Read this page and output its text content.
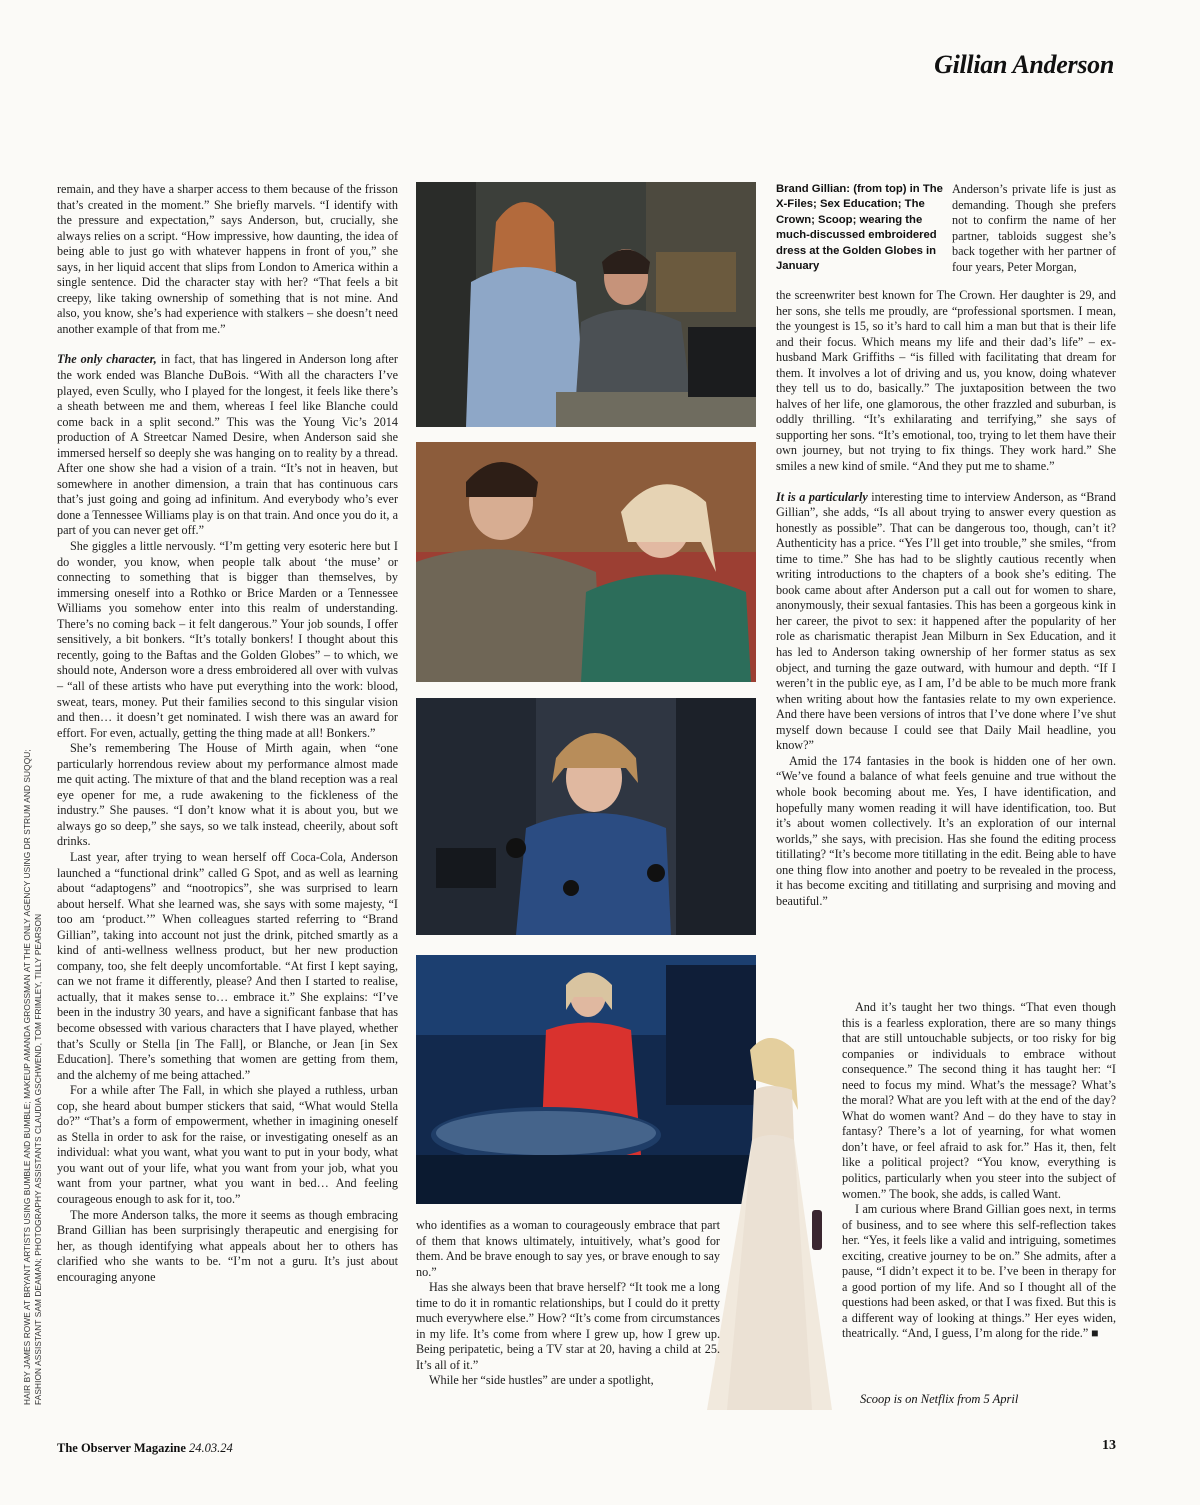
Gillian Anderson

remain, and they have a sharper access to them because of the frisson that’s created in the moment.” She briefly marvels. “I identify with the pressure and expectation,” says Anderson, but, crucially, she always relies on a script. “How impressive, how daunting, the idea of being able to just go with whatever happens in front of you,” she says, in her liquid accent that slips from London to America within a single sentence. Did the character stay with her? “That feels a bit creepy, like taking ownership of something that is not mine. And also, you know, she’s had experience with stalkers – she doesn’t need another example of that from me.”

The only character, in fact, that has lingered in Anderson long after the work ended was Blanche DuBois. “With all the characters I’ve played, even Scully, who I played for the longest, it feels like there’s a sheath between me and them, whereas I feel like Blanche could come back in a split second.” This was the Young Vic’s 2014 production of A Streetcar Named Desire, when Anderson said she immersed herself so deeply she was hanging on to reality by a thread. After one show she had a vision of a train. “It’s not in heaven, but somewhere in another dimension, a train that has continuous cars that’s just going and going ad infinitum. And everybody who’s ever done a Tennessee Williams play is on that train. And once you do it, a part of you can never get off.”

She giggles a little nervously. “I’m getting very esoteric here but I do wonder, you know, when people talk about ‘the muse’ or connecting to something that is bigger than themselves, by immersing oneself into a Rothko or Brice Marden or a Tennessee Williams you somehow enter into this realm of understanding. There’s no coming back – it felt dangerous.” Your job sounds, I offer sensitively, a bit bonkers. “It’s totally bonkers! I thought about this recently, going to the Baftas and the Golden Globes” – to which, we should note, Anderson wore a dress embroidered all over with vulvas – “all of these artists who have put everything into the work: blood, sweat, tears, money. Put their families second to this singular vision and then… it doesn’t get nominated. I wish there was an award for effort. For even, actually, getting the thing made at all! Bonkers.”

She’s remembering The House of Mirth again, when “one particularly horrendous review about my performance almost made me quit acting. The mixture of that and the bland reception was a real eye opener for me, a rude awakening to the fickleness of the industry.” She pauses. “I don’t know what it is about you, but we always go so deep,” she says, so we talk instead, cheerily, about soft drinks.

Last year, after trying to wean herself off Coca-Cola, Anderson launched a “functional drink” called G Spot, and as well as learning about “adaptogens” and “nootropics”, she was surprised to learn about herself. What she learned was, she says with some majesty, “I too am ‘product.’” When colleagues started referring to “Brand Gillian”, taking into account not just the drink, pitched smartly as a kind of anti-wellness wellness product, but her new production company, too, she felt deeply uncomfortable. “At first I kept saying, can we not frame it differently, please? And then I started to realise, actually, that it makes sense to… embrace it.” She explains: “I’ve been in the industry 30 years, and have a significant fanbase that has become obsessed with various characters that I have played, whether that’s Scully or Stella [in The Fall], or Blanche, or Jean [in Sex Education]. There’s something that women are getting from them, and the alchemy of me being attached.”

For a while after The Fall, in which she played a ruthless, urban cop, she heard about bumper stickers that said, “What would Stella do?” “That’s a form of empowerment, whether in imagining oneself as Stella in order to ask for the raise, or investigating oneself as an individual: what you want, what you want to put in your body, what you want out of your life, what you want from your job, what you want from your partner, what you want in bed… And feeling courageous enough to ask for it, too.”

The more Anderson talks, the more it seems as though embracing Brand Gillian has been surprisingly therapeutic and energising for her, as though identifying what appeals about her to others has clarified who she wants to be. “I’m not a guru. It’s just about encouraging anyone

Brand Gillian: (from top) in The X-Files; Sex Education; The Crown; Scoop; wearing the much-discussed embroidered dress at the Golden Globes in January

who identifies as a woman to courageously embrace that part of them that knows ultimately, intuitively, what’s good for them. And be brave enough to say yes, or brave enough to say no.”

Has she always been that brave herself? “It took me a long time to do it in romantic relationships, but I could do it pretty much everywhere else.” How? “It’s come from circumstances in my life. It’s come from where I grew up, how I grew up. Being peripatetic, being a TV star at 20, having a child at 25. It’s all of it.”

While her “side hustles” are under a spotlight,

Anderson’s private life is just as demanding. Though she prefers not to confirm the name of her partner, tabloids suggest she’s back together with her partner of four years, Peter Morgan,

the screenwriter best known for The Crown. Her daughter is 29, and her sons, she tells me proudly, are “professional sportsmen. I mean, the youngest is 15, so it’s hard to call him a man but that is their life and their focus. Which means my life and their dad’s life” – ex-husband Mark Griffiths – “is filled with facilitating that dream for them. It involves a lot of driving and us, you know, doing whatever they tell us to do, basically.” The juxtaposition between the two halves of her life, one glamorous, the other frazzled and suburban, is oddly thrilling. “It’s exhilarating and terrifying,” she says of supporting her sons. “It’s emotional, too, trying to let them have their own journey, but not trying to fix things. They work hard.” She smiles a new kind of smile. “And they put me to shame.”

It is a particularly interesting time to interview Anderson, as “Brand Gillian”, she adds, “Is all about trying to answer every question as honestly as possible”. That can be dangerous too, though, can’t it? Authenticity has a price. “Yes I’ll get into trouble,” she smiles, “from time to time.” She has had to be slightly cautious recently when writing introductions to the chapters of a book she’s editing. The book came about after Anderson put a call out for women to share, anonymously, their sexual fantasies. This has been a gorgeous kink in her career, the pivot to sex: it happened after the popularity of her role as charismatic therapist Jean Milburn in Sex Education, and it has led to Anderson taking ownership of her former status as sex object, and turning the gaze outward, with humour and depth. “If I weren’t in the public eye, as I am, I’d be able to be much more frank when writing about how the fantasies relate to my own experience. And there have been versions of intros that I’ve done where I’ve shut myself down because I could see that Daily Mail headline, you know?”

Amid the 174 fantasies in the book is hidden one of her own. “We’ve found a balance of what feels genuine and true without the whole book becoming about me. Yes, I have identification, and hopefully many women reading it will have identification, too. But it’s about women collectively. It’s an exploration of our internal worlds,” she says, with precision. Has she found the editing process titillating? “It’s become more titillating in the edit. Being able to have one thing flow into another and poetry to be revealed in the process, it has become exciting and titillating and surprising and moving and beautiful.”

And it’s taught her two things. “That even though this is a fearless exploration, there are so many things that are still untouchable subjects, or too risky for big companies or individuals to embrace without consequence.” The second thing it has taught her: “I need to focus my mind. What’s the message? What’s the moral? What are you left with at the end of the day? What do women want? And – do they have to stay in fantasy? There’s a lot of yearning, for what women don’t have, or feel afraid to ask for.” Has it, then, felt like a political project? “You know, everything is politics, particularly when you steer into the subject of women.” The book, she adds, is called Want.

I am curious where Brand Gillian goes next, in terms of business, and to see where this self-reflection takes her. “Yes, it feels like a valid and intriguing, sometimes exciting, creative journey to be on.” She admits, after a pause, “I didn’t expect it to be. I’ve been in therapy for a good portion of my life. And so I thought all of the questions had been asked, or that I was fixed. But this is a different way of looking at things.” Her eyes widen, theatrically. “And, I guess, I’m along for the ride.” ■

Scoop is on Netflix from 5 April
HAIR BY JAMES ROWE AT BRYANT ARTISTS USING BUMBLE AND BUMBLE; MAKEUP AMANDA GROSSMAN AT THE ONLY AGENCY USING DR STRUM AND SUQQU; FASHION ASSISTANT SAM DEAMAN; PHOTOGRAPHY ASSISTANTS CLAUDIA GSCHWEND, TOM FRIMLEY, TILLY PEARSON
The Observer Magazine 24.03.24	13
